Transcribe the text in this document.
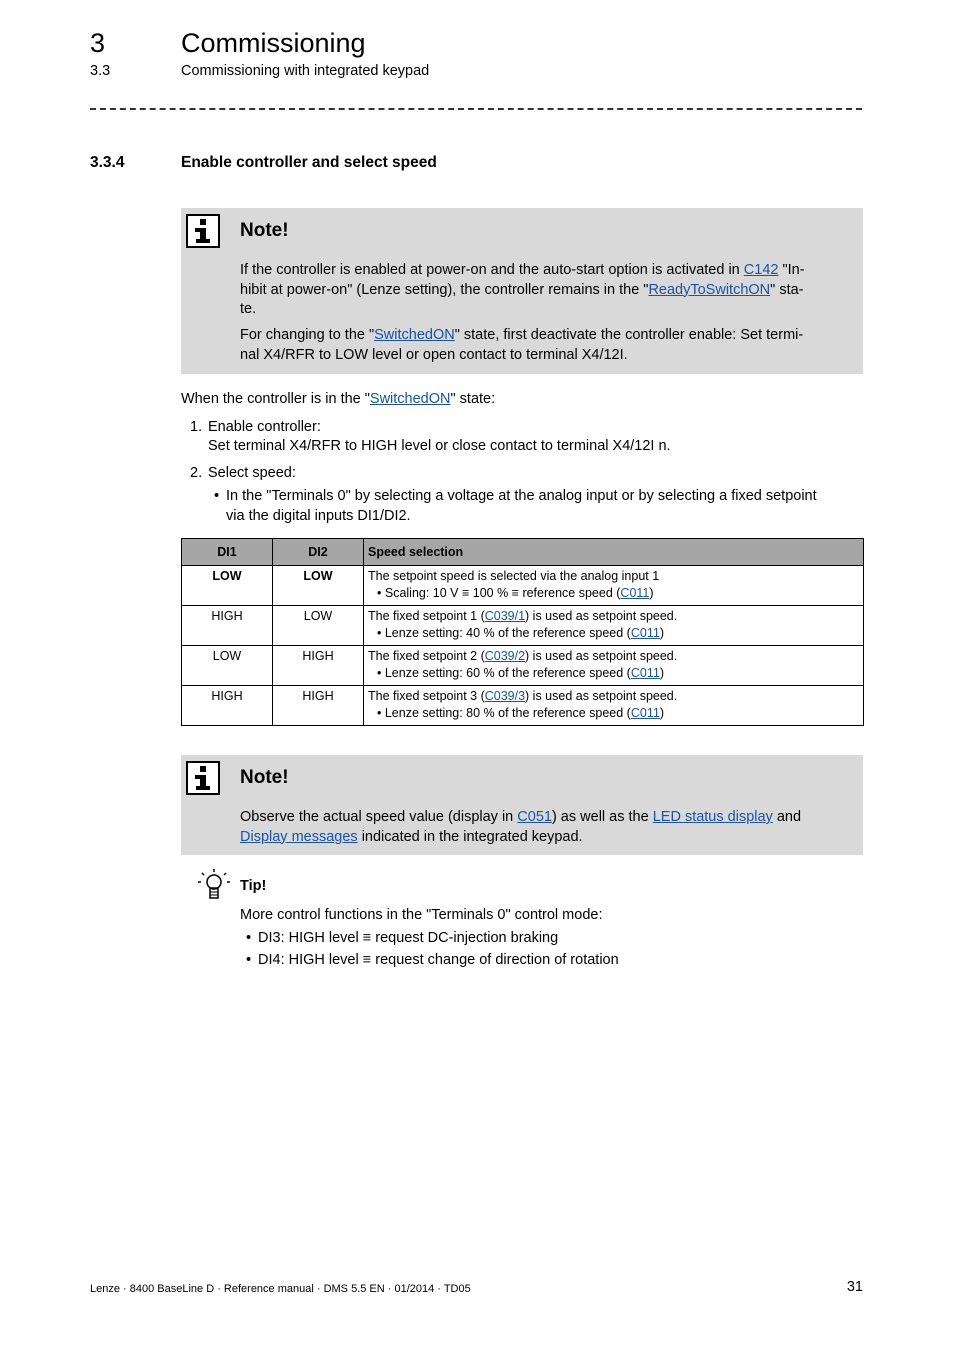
3	Commissioning
3.3	Commissioning with integrated keypad
3.3.4	Enable controller and select speed
Note!

If the controller is enabled at power-on and the auto-start option is activated in C142 "In-

hibit at power-on" (Lenze setting), the controller remains in the "ReadyToSwitchON" sta-

te.

For changing to the "SwitchedON" state, first deactivate the controller enable: Set termi-

nal X4/RFR to LOW level or open contact to terminal X4/12I.

When the controller is in the "SwitchedON" state:
1. Enable controller:
Set terminal X4/RFR to HIGH level or close contact to terminal X4/12I n.
2. Select speed:
• In the "Terminals 0" by selecting a voltage at the analog input or by selecting a fixed setpoint
via the digital inputs DI1/DI2.
DI1	DI2	Speed selection
LOW	LOW	The setpoint speed is selected via the analog input 1
• Scaling: 10 V ≡ 100 % ≡ reference speed (C011)

HIGH	LOW	The fixed setpoint 1 (C039/1) is used as setpoint speed.
• Lenze setting: 40 % of the reference speed (C011)

LOW	HIGH	The fixed setpoint 2 (C039/2) is used as setpoint speed.
• Lenze setting: 60 % of the reference speed (C011)

HIGH	HIGH	The fixed setpoint 3 (C039/3) is used as setpoint speed.
• Lenze setting: 80 % of the reference speed (C011)
Note!

Observe the actual speed value (display in C051) as well as the LED status display and

Display messages indicated in the integrated keypad.

Tip!
More control functions in the "Terminals 0" control mode:
• DI3: HIGH level ≡ request DC-injection braking
• DI4: HIGH level ≡ request change of direction of rotation
Lenze · 8400 BaseLine D · Reference manual · DMS 5.5 EN · 01/2014 · TD05	31
